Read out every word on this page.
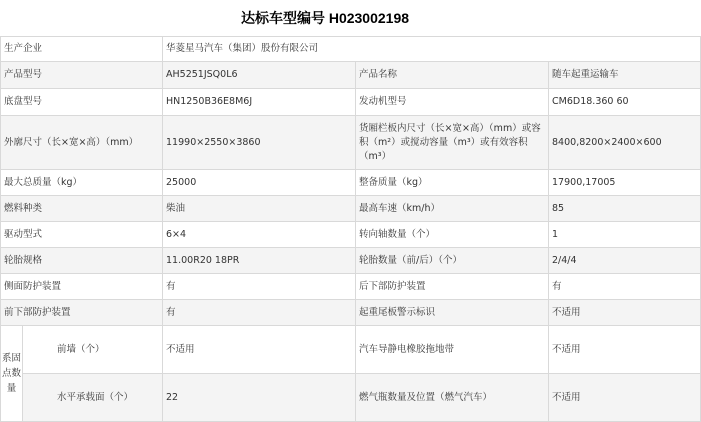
达标车型编号 H023002198
生产企业		华菱星马汽车（集团）股份有限公司		
产品型号		AH5251JSQ0L6	产品名称	随车起重运输车
底盘型号		HN1250B36E8M6J	发动机型号	CM6D18.360 60
外廓尺寸（长×宽×高）（mm）		11990×2550×3860	货厢栏板内尺寸（长×宽×高）（mm）或容积（m²）或搅动容量（m³）或有效容积（m³）	8400,8200×2400×600
最大总质量（kg）		25000	整备质量（kg）	17900,17005
燃料种类		柴油	最高车速（km/h）	85
驱动型式		6×4	转向轴数量（个）	1
轮胎规格		11.00R20 18PR	轮胎数量（前/后）（个）	2/4/4
侧面防护装置		有	后下部防护装置	有
前下部防护装置		有	起重尾板警示标识	不适用
系固点数量	前墙（个）	不适用	汽车导静电橡胶拖地带	不适用
	水平承载面（个）	22	燃气瓶数量及位置（燃气汽车）	不适用
